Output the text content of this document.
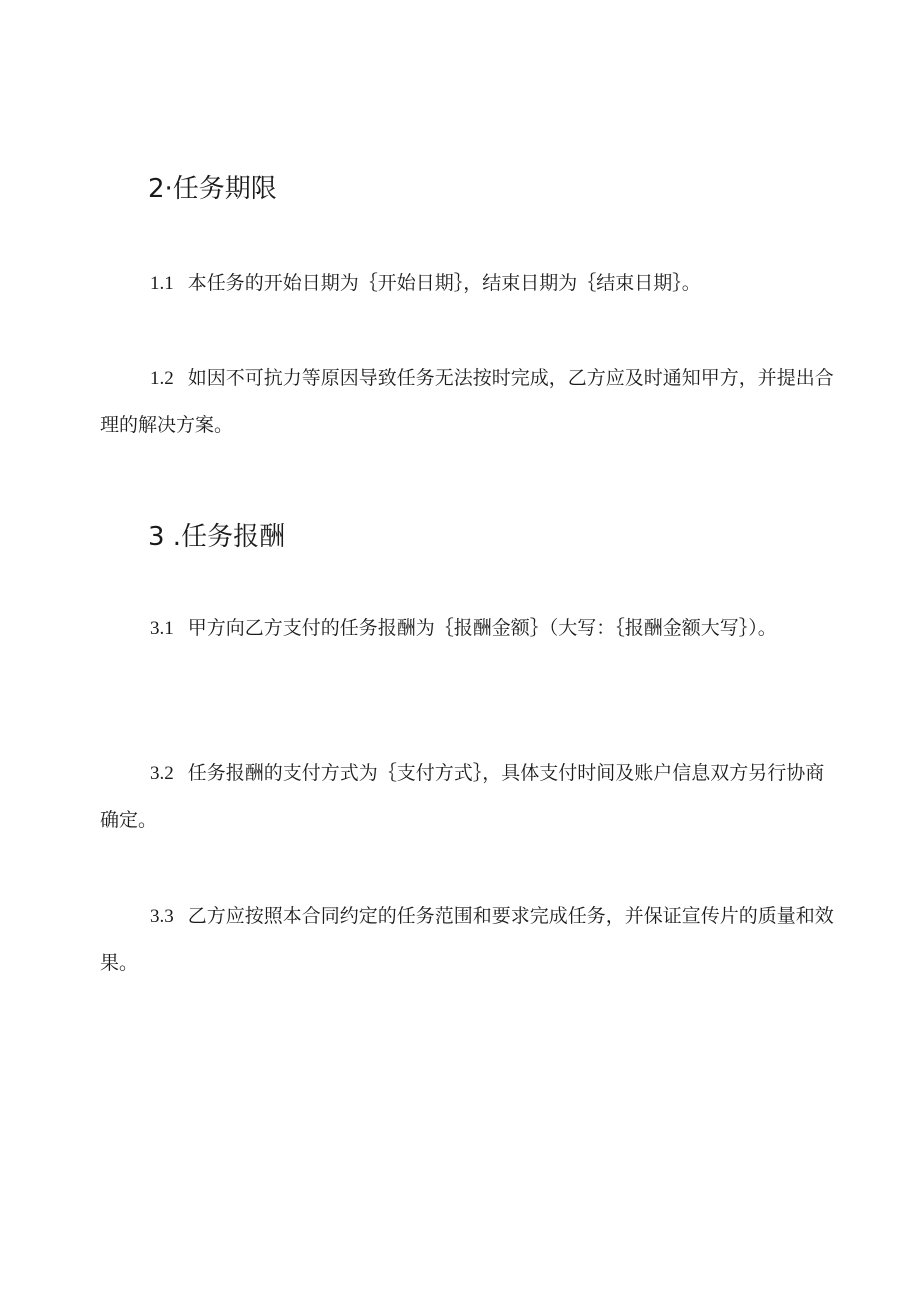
2·任务期限

1.1 本任务的开始日期为｛开始日期｝，结束日期为｛结束日期｝。

1.2 如因不可抗力等原因导致任务无法按时完成，乙方应及时通知甲方，并提出合理的解决方案。

3 .任务报酬

3.1 甲方向乙方支付的任务报酬为｛报酬金额｝（大写：｛报酬金额大写｝）。

3.2 任务报酬的支付方式为｛支付方式｝，具体支付时间及账户信息双方另行协商确定。

3.3 乙方应按照本合同约定的任务范围和要求完成任务，并保证宣传片的质量和效果。
